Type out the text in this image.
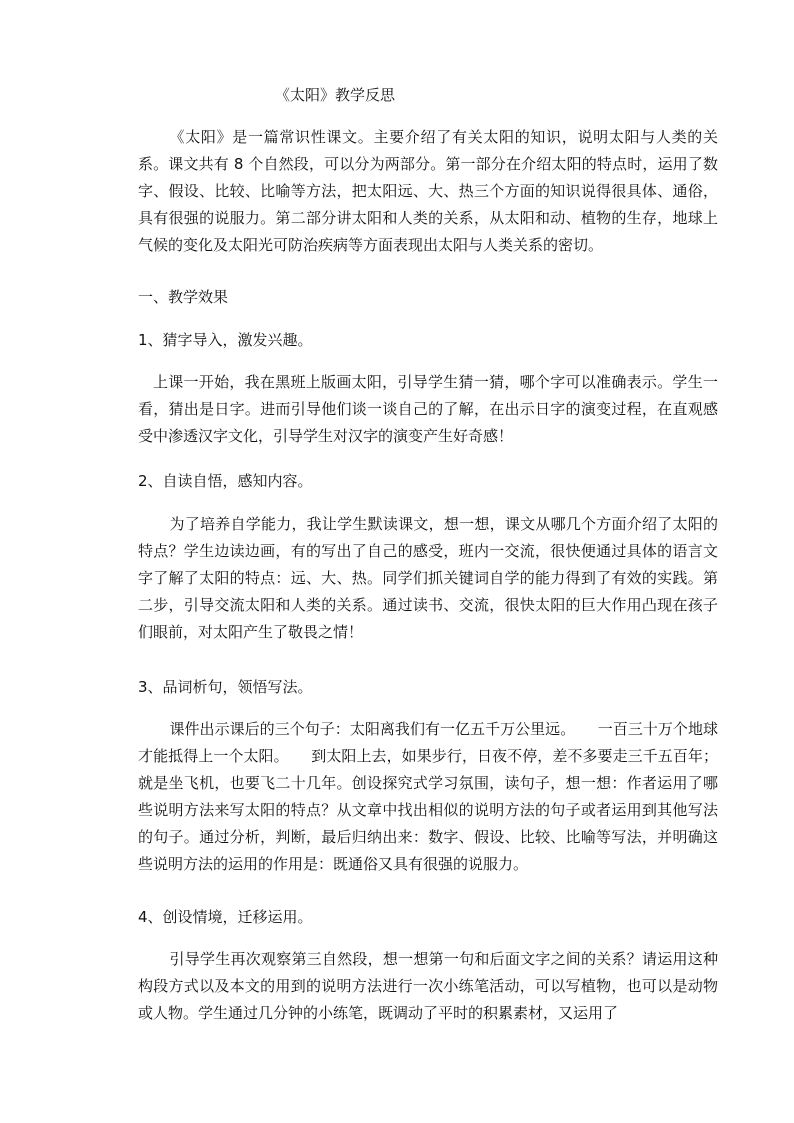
《太阳》教学反思

《太阳》是一篇常识性课文。主要介绍了有关太阳的知识，说明太阳与人类的关系。课文共有 8 个自然段，可以分为两部分。第一部分在介绍太阳的特点时，运用了数字、假设、比较、比喻等方法，把太阳远、大、热三个方面的知识说得很具体、通俗，具有很强的说服力。第二部分讲太阳和人类的关系，从太阳和动、植物的生存，地球上气候的变化及太阳光可防治疾病等方面表现出太阳与人类关系的密切。

一、教学效果

1、猜字导入，激发兴趣。

上课一开始，我在黑班上版画太阳，引导学生猜一猜，哪个字可以准确表示。学生一看，猜出是日字。进而引导他们谈一谈自己的了解，在出示日字的演变过程，在直观感受中渗透汉字文化，引导学生对汉字的演变产生好奇感！

2、自读自悟，感知内容。

为了培养自学能力，我让学生默读课文，想一想，课文从哪几个方面介绍了太阳的特点？学生边读边画，有的写出了自己的感受，班内一交流，很快便通过具体的语言文字了解了太阳的特点：远、大、热。同学们抓关键词自学的能力得到了有效的实践。第二步，引导交流太阳和人类的关系。通过读书、交流，很快太阳的巨大作用凸现在孩子们眼前，对太阳产生了敬畏之情！

3、品词析句，领悟写法。

课件出示课后的三个句子：太阳离我们有一亿五千万公里远。　　一百三十万个地球才能抵得上一个太阳。　　到太阳上去，如果步行，日夜不停，差不多要走三千五百年；就是坐飞机，也要飞二十几年。创设探究式学习氛围，读句子，想一想：作者运用了哪些说明方法来写太阳的特点？从文章中找出相似的说明方法的句子或者运用到其他写法的句子。通过分析，判断，最后归纳出来：数字、假设、比较、比喻等写法，并明确这些说明方法的运用的作用是：既通俗又具有很强的说服力。

4、创设情境，迁移运用。

引导学生再次观察第三自然段，想一想第一句和后面文字之间的关系？请运用这种构段方式以及本文的用到的说明方法进行一次小练笔活动，可以写植物，也可以是动物或人物。学生通过几分钟的小练笔，既调动了平时的积累素材，又运用了
